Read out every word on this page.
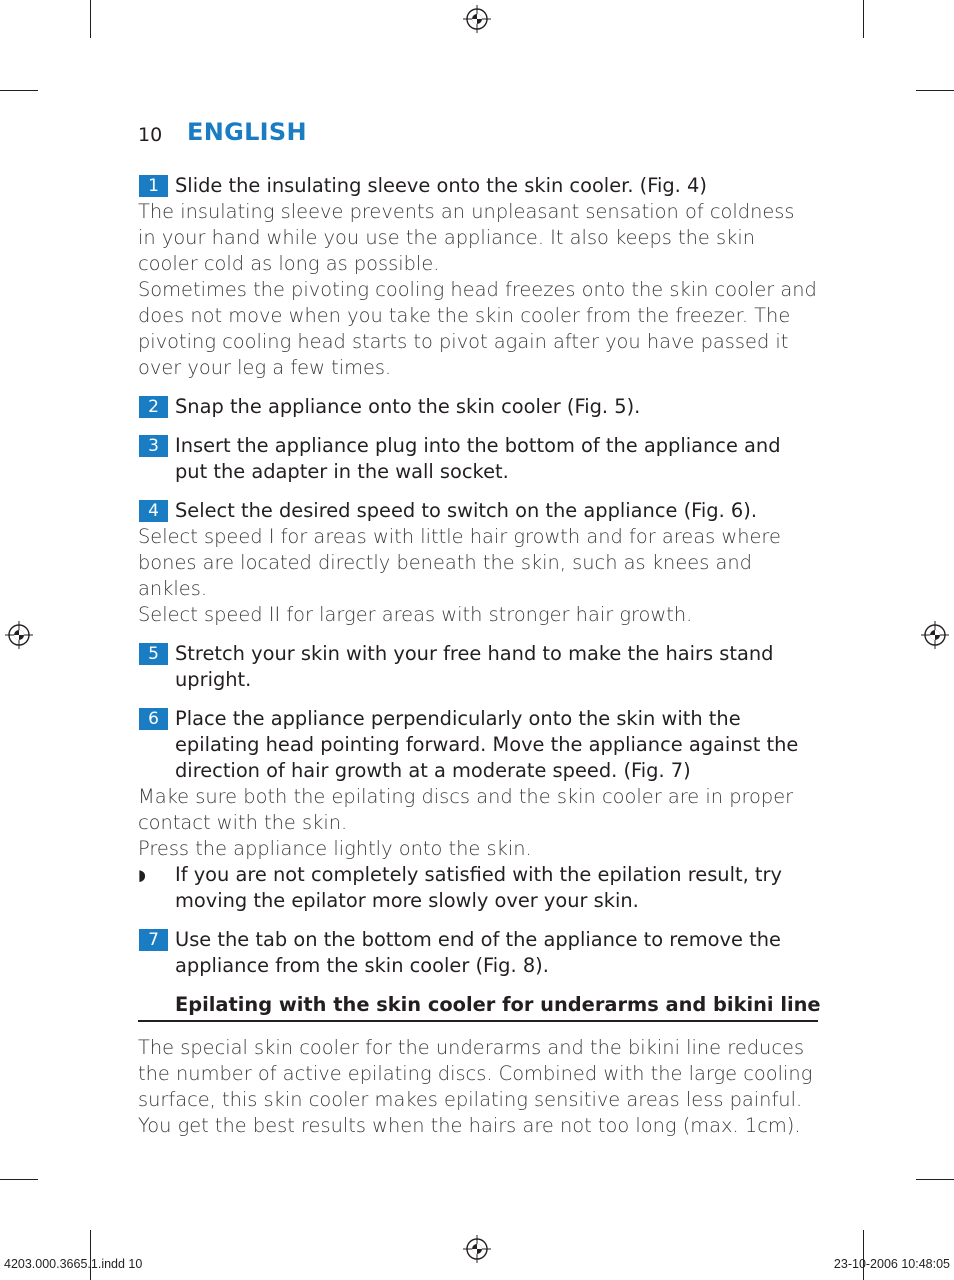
10 ENGLISH
1 Slide the insulating sleeve onto the skin cooler. (Fig. 4)
The insulating sleeve prevents an unpleasant sensation of coldness in your hand while you use the appliance. It also keeps the skin cooler cold as long as possible.
Sometimes the pivoting cooling head freezes onto the skin cooler and does not move when you take the skin cooler from the freezer. The pivoting cooling head starts to pivot again after you have passed it over your leg a few times.
2 Snap the appliance onto the skin cooler (Fig. 5).
3 Insert the appliance plug into the bottom of the appliance and put the adapter in the wall socket.
4 Select the desired speed to switch on the appliance (Fig. 6).
Select speed I for areas with little hair growth and for areas where bones are located directly beneath the skin, such as knees and ankles.
Select speed II for larger areas with stronger hair growth.
5 Stretch your skin with your free hand to make the hairs stand upright.
6 Place the appliance perpendicularly onto the skin with the epilating head pointing forward. Move the appliance against the direction of hair growth at a moderate speed. (Fig. 7)
Make sure both the epilating discs and the skin cooler are in proper contact with the skin.
Press the appliance lightly onto the skin.
◗ If you are not completely satisfied with the epilation result, try moving the epilator more slowly over your skin.
7 Use the tab on the bottom end of the appliance to remove the appliance from the skin cooler (Fig. 8).
Epilating with the skin cooler for underarms and bikini line
The special skin cooler for the underarms and the bikini line reduces the number of active epilating discs. Combined with the large cooling surface, this skin cooler makes epilating sensitive areas less painful. You get the best results when the hairs are not too long (max. 1cm).
4203.000.3665.1.indd 10	23-10-2006 10:48:05
